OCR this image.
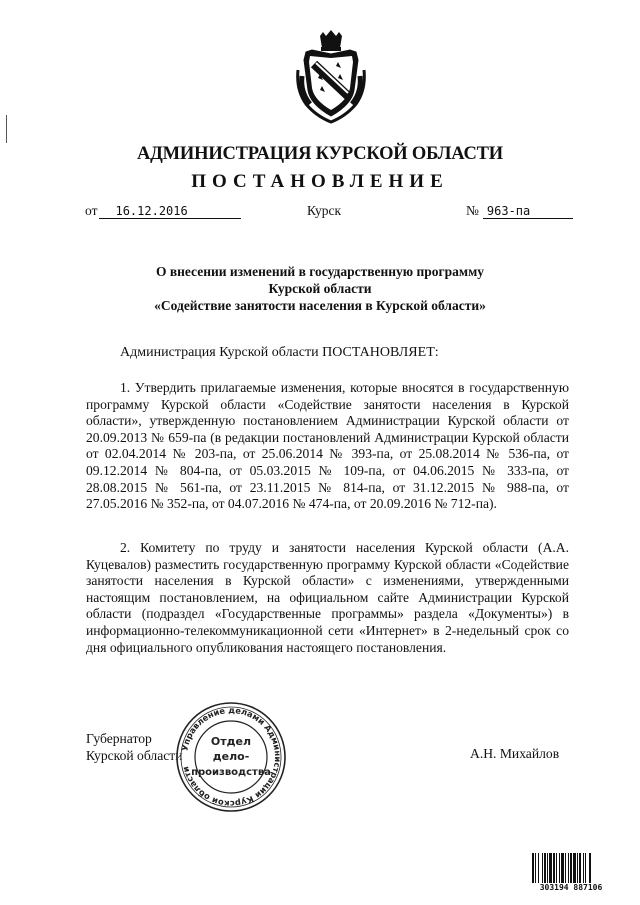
АДМИНИСТРАЦИЯ КУРСКОЙ ОБЛАСТИ
ПОСТАНОВЛЕНИЕ
от 16.12.2016	Курск	№ 963-па
О внесении изменений в государственную программу
Курской области
«Содействие занятости населения в Курской области»
Администрация Курской области ПОСТАНОВЛЯЕТ:
1. Утвердить прилагаемые изменения, которые вносятся в государственную программу Курской области «Содействие занятости населения в Курской области», утвержденную постановлением Администрации Курской области от 20.09.2013 № 659-па (в редакции постановлений Администрации Курской области от 02.04.2014 № 203-па, от 25.06.2014 № 393-па, от 25.08.2014 № 536-па, от 09.12.2014 № 804-па, от 05.03.2015 № 109-па, от 04.06.2015 № 333-па, от 28.08.2015 № 561-па, от 23.11.2015 № 814-па, от 31.12.2015 № 988-па, от 27.05.2016 № 352-па, от 04.07.2016 № 474-па, от 20.09.2016 № 712-па).
2. Комитету по труду и занятости населения Курской области (А.А. Куцевалов) разместить государственную программу Курской области «Содействие занятости населения в Курской области» с изменениями, утвержденными настоящим постановлением, на официальном сайте Администрации Курской области (подраздел «Государственные программы» раздела «Документы») в информационно-телекоммуникационной сети «Интернет» в 2-недельный срок со дня официального опубликования настоящего постановления.
Губернатор
Курской области	А.Н. Михайлов
Управление делами Администрации Курской области
Отдел
дело-
производства
303194 887106
